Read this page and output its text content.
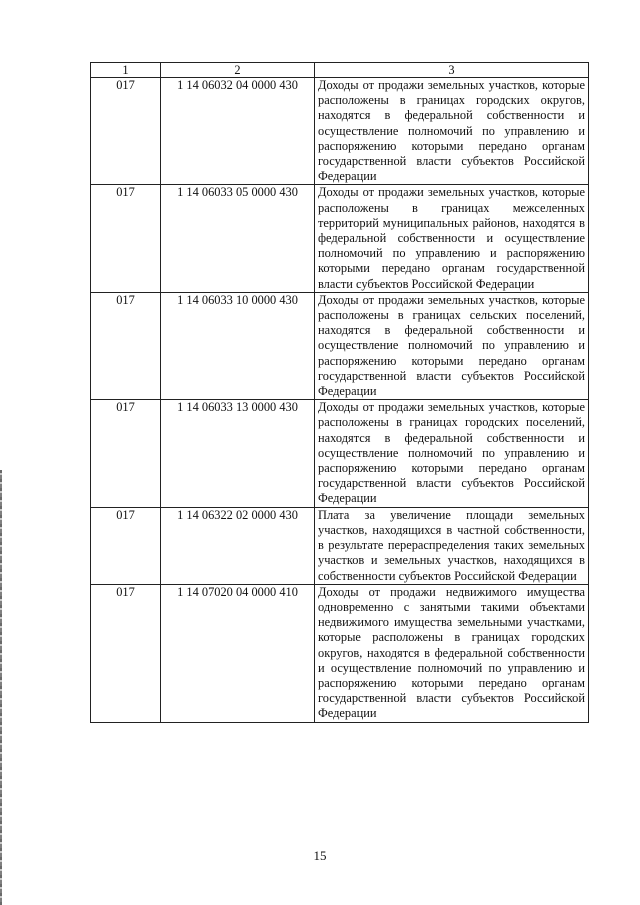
1	2	3
017	1 14 06032 04 0000 430	Доходы от продажи земельных участков, которые расположены в границах городских округов, находятся в федеральной собственности и осуществление полномочий по управлению и распоряжению которыми передано органам государственной власти субъектов Российской Федерации
017	1 14 06033 05 0000 430	Доходы от продажи земельных участков, которые расположены в границах межселенных территорий муниципальных районов, находятся в федеральной собственности и осуществление полномочий по управлению и распоряжению которыми передано органам государственной власти субъектов Российской Федерации
017	1 14 06033 10 0000 430	Доходы от продажи земельных участков, которые расположены в границах сельских поселений, находятся в федеральной собственности и осуществление полномочий по управлению и распоряжению которыми передано органам государственной власти субъектов Российской Федерации
017	1 14 06033 13 0000 430	Доходы от продажи земельных участков, которые расположены в границах городских поселений, находятся в федеральной собственности и осуществление полномочий по управлению и распоряжению которыми передано органам государственной власти субъектов Российской Федерации
017	1 14 06322 02 0000 430	Плата за увеличение площади земельных участков, находящихся в частной собственности, в результате перераспределения таких земельных участков и земельных участков, находящихся в собственности субъектов Российской Федерации
017	1 14 07020 04 0000 410	Доходы от продажи недвижимого имущества одновременно с занятыми такими объектами недвижимого имущества земельными участками, которые расположены в границах городских округов, находятся в федеральной собственности и осуществление полномочий по управлению и распоряжению которыми передано органам государственной власти субъектов Российской Федерации
15
